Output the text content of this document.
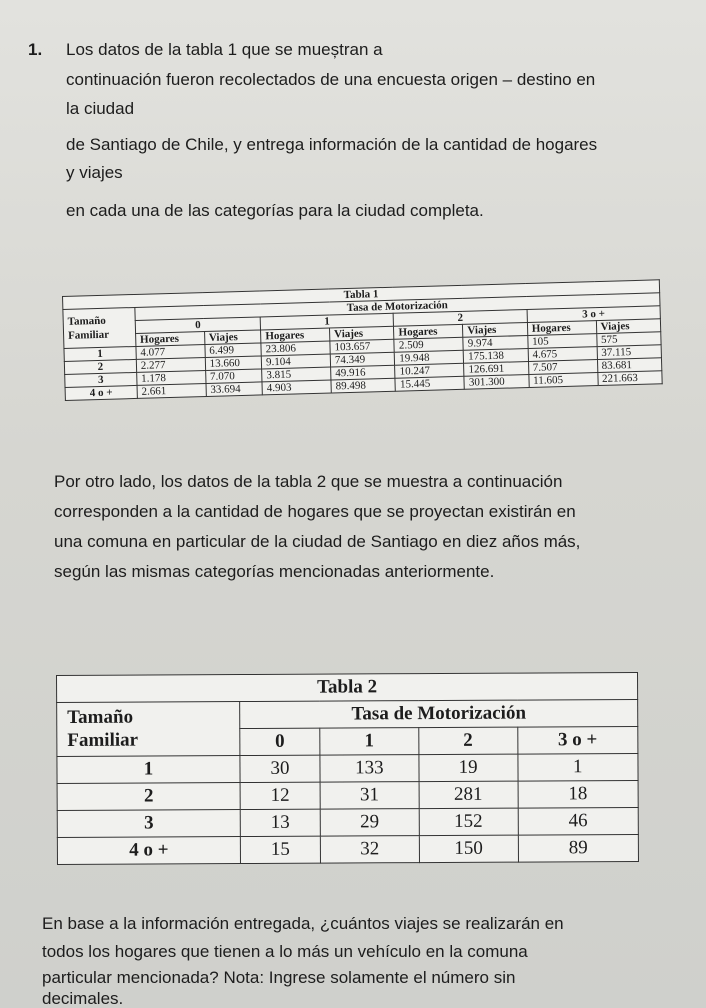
1. Los datos de la tabla 1 que se mueștran a
continuación fueron recolectados de una encuesta origen – destino en
la ciudad
de Santiago de Chile, y entrega información de la cantidad de hogares
y viajes
en cada una de las categorías para la ciudad completa.
Tabla 1								

Tamaño
Familiar	Tasa de Motorización							
	0		1		2		3 o +	
	Hogares	Viajes	Hogares	Viajes	Hogares	Viajes	Hogares	Viajes
1	4.077	6.499	23.806	103.657	2.509	9.974	105	575
2	2.277	13.660	9.104	74.349	19.948	175.138	4.675	37.115
3	1.178	7.070	3.815	49.916	10.247	126.691	7.507	83.681
4 o +	2.661	33.694	4.903	89.498	15.445	301.300	11.605	221.663
Por otro lado, los datos de la tabla 2 que se muestra a continuación
corresponden a la cantidad de hogares que se proyectan existirán en
una comuna en particular de la ciudad de Santiago en diez años más,
según las mismas categorías mencionadas anteriormente.
Tabla 2				

Tamaño
Familiar	Tasa de Motorización			
	0	1	2	3 o +
1	30	133	19	1
2	12	31	281	18
3	13	29	152	46
4 o +	15	32	150	89
En base a la información entregada, ¿cuántos viajes se realizarán en
todos los hogares que tienen a lo más un vehículo en la comuna
particular mencionada? Nota: Ingrese solamente el número sin
decimales.
